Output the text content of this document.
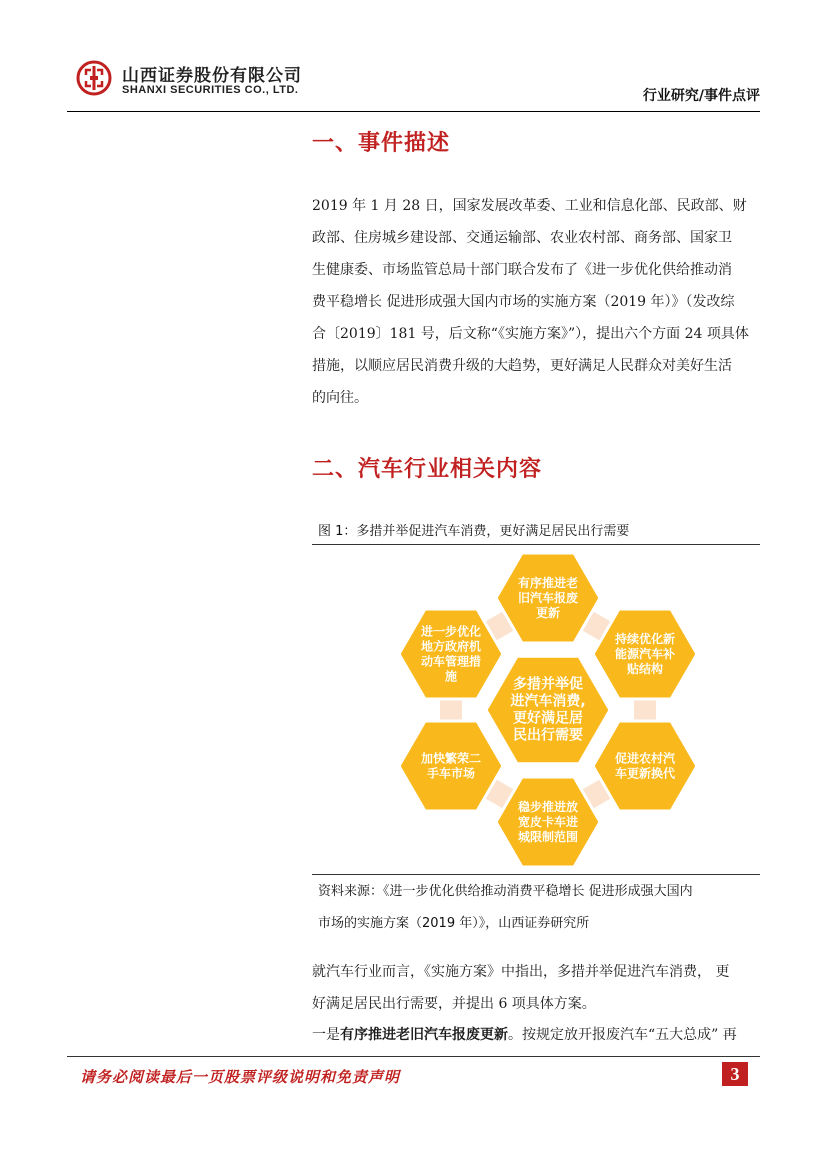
山西证券股份有限公司
SHANXI SECURITIES CO., LTD.	行业研究/事件点评
一、事件描述
2019 年 1 月 28 日，国家发展改革委、工业和信息化部、民政部、财
政部、住房城乡建设部、交通运输部、农业农村部、商务部、国家卫
生健康委、市场监管总局十部门联合发布了《进一步优化供给推动消
费平稳增长 促进形成强大国内市场的实施方案（2019 年）》（发改综
合〔2019〕181 号，后文称“《实施方案》”），提出六个方面 24 项具体
措施，以顺应居民消费升级的大趋势，更好满足人民群众对美好生活
的向往。
二、汽车行业相关内容
图 1：多措并举促进汽车消费，更好满足居民出行需要
多措并举促
进汽车消费,
更好满足居
民出行需要
有序推进老
旧汽车报废
更新
持续优化新
能源汽车补
贴结构
促进农村汽
车更新换代
稳步推进放
宽皮卡车进
城限制范围
加快繁荣二
手车市场
进一步优化
地方政府机
动车管理措
施
资料来源：《进一步优化供给推动消费平稳增长 促进形成强大国内
市场的实施方案（2019 年）》，山西证券研究所
就汽车行业而言，《实施方案》中指出，多措并举促进汽车消费， 更
好满足居民出行需要，并提出 6 项具体方案。
一是有序推进老旧汽车报废更新。按规定放开报废汽车“五大总成” 再
请务必阅读最后一页股票评级说明和免责声明	3
